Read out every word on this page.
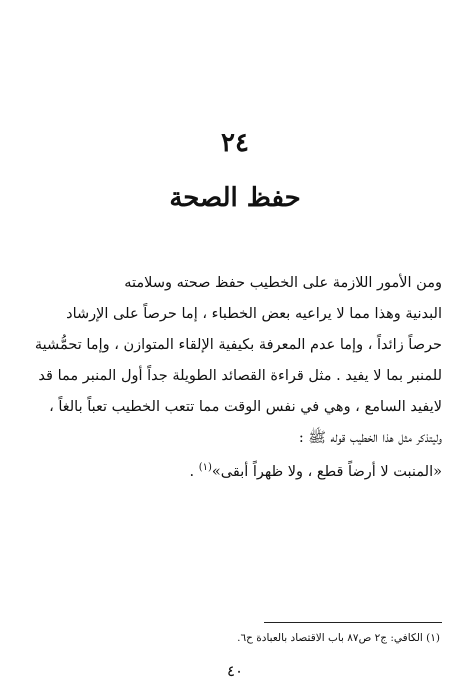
٢٤
حفظ الصحة
ومن الأمور اللازمة على الخطيب حفظ صحته وسلامته
البدنية وهذا مما لا يراعيه بعض الخطباء ، إما حرصاً على الإرشاد
حرصاً زائداً ، وإما عدم المعرفة بكيفية الإلقاء المتوازن ، وإما تحمُّشية
للمنبر بما لا يفيد . مثل قراءة القصائد الطويلة جداً أول المنبر مما قد
لايفيد السامع ، وهي في نفس الوقت مما تتعب الخطيب تعباً بالغاً ،
وليتذكر مثل هذا الخطيب قوله ﷺ :
«المنبت لا أرضاً قطع ، ولا ظهراً أبقى»$^{(١)}$ .
(١) الكافي: ج٢ ص٨٧ باب الاقتصاد بالعبادة ح٦.
٤٠
